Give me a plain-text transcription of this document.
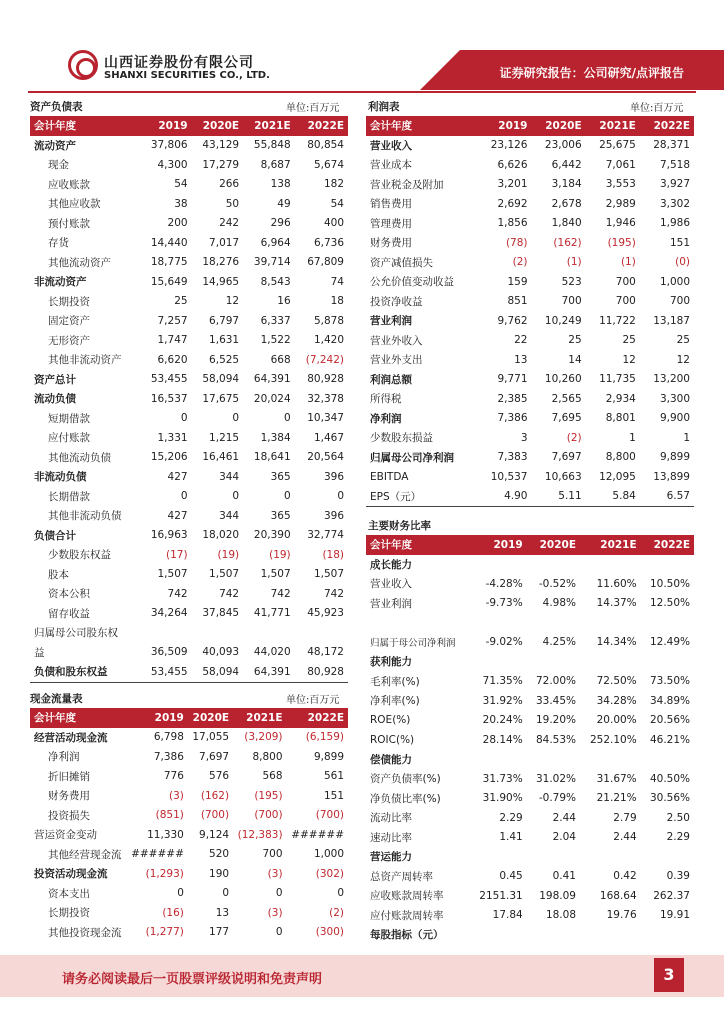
山西证券股份有限公司
SHANXI SECURITIES CO., LTD.	证券研究报告：公司研究/点评报告
资产负债表	单位:百万元
会计年度	2019	2020E	2021E	2022E
流动资产	37,806	43,129	55,848	80,854
现金	4,300	17,279	8,687	5,674
应收账款	54	266	138	182
其他应收款	38	50	49	54
预付账款	200	242	296	400
存货	14,440	7,017	6,964	6,736
其他流动资产	18,775	18,276	39,714	67,809
非流动资产	15,649	14,965	8,543	74
长期投资	25	12	16	18
固定资产	7,257	6,797	6,337	5,878
无形资产	1,747	1,631	1,522	1,420
其他非流动资产	6,620	6,525	668	(7,242)
资产总计	53,455	58,094	64,391	80,928
流动负债	16,537	17,675	20,024	32,378
短期借款	0	0	0	10,347
应付账款	1,331	1,215	1,384	1,467
其他流动负债	15,206	16,461	18,641	20,564
非流动负债	427	344	365	396
长期借款	0	0	0	0
其他非流动负债	427	344	365	396
负债合计	16,963	18,020	20,390	32,774
少数股东权益	(17)	(19)	(19)	(18)
股本	1,507	1,507	1,507	1,507
资本公积	742	742	742	742
留存收益	34,264	37,845	41,771	45,923
归属母公司股东权				
益	36,509	40,093	44,020	48,172
负债和股东权益	53,455	58,094	64,391	80,928
现金流量表	单位:百万元
会计年度	2019	2020E	2021E	2022E
经营活动现金流	6,798	17,055	(3,209)	(6,159)
净利润	7,386	7,697	8,800	9,899
折旧摊销	776	576	568	561
财务费用	(3)	(162)	(195)	151
投资损失	(851)	(700)	(700)	(700)
营运资金变动	11,330	9,124	(12,383)	######
其他经营现金流	######	520	700	1,000
投资活动现金流	(1,293)	190	(3)	(302)
资本支出	0	0	0	0
长期投资	(16)	13	(3)	(2)
其他投资现金流	(1,277)	177	0	(300)
利润表	单位:百万元
会计年度	2019	2020E	2021E	2022E
营业收入	23,126	23,006	25,675	28,371
营业成本	6,626	6,442	7,061	7,518
营业税金及附加	3,201	3,184	3,553	3,927
销售费用	2,692	2,678	2,989	3,302
管理费用	1,856	1,840	1,946	1,986
财务费用	(78)	(162)	(195)	151
资产减值损失	(2)	(1)	(1)	(0)
公允价值变动收益	159	523	700	1,000
投资净收益	851	700	700	700
营业利润	9,762	10,249	11,722	13,187
营业外收入	22	25	25	25
营业外支出	13	14	12	12
利润总额	9,771	10,260	11,735	13,200
所得税	2,385	2,565	2,934	3,300
净利润	7,386	7,695	8,801	9,900
少数股东损益	3	(2)	1	1
归属母公司净利润	7,383	7,697	8,800	9,899
EBITDA	10,537	10,663	12,095	13,899
EPS（元）	4.90	5.11	5.84	6.57
主要财务比率
会计年度	2019	2020E	2021E	2022E
成长能力				
营业收入	-4.28%	-0.52%	11.60%	10.50%
营业利润	-9.73%	4.98%	14.37%	12.50%

归属于母公司净利润	-9.02%	4.25%	14.34%	12.49%
获利能力				
毛利率(%)	71.35%	72.00%	72.50%	73.50%
净利率(%)	31.92%	33.45%	34.28%	34.89%
ROE(%)	20.24%	19.20%	20.00%	20.56%
ROIC(%)	28.14%	84.53%	252.10%	46.21%
偿债能力				
资产负债率(%)	31.73%	31.02%	31.67%	40.50%
净负债比率(%)	31.90%	-0.79%	21.21%	30.56%
流动比率	2.29	2.44	2.79	2.50
速动比率	1.41	2.04	2.44	2.29
营运能力				
总资产周转率	0.45	0.41	0.42	0.39
应收账款周转率	2151.31	198.09	168.64	262.37
应付账款周转率	17.84	18.08	19.76	19.91
每股指标（元）				
请务必阅读最后一页股票评级说明和免责声明	3
